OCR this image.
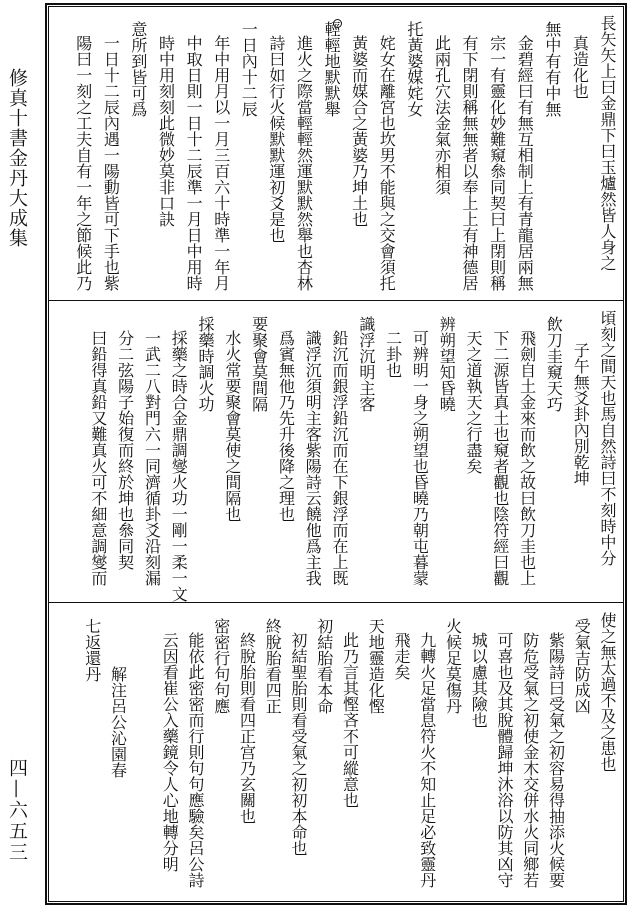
修真十書金丹大成集
四—六五三
長矢矢上曰金鼎下曰玉爐然皆人身之
真造化也
無中有有中無
金碧經曰有無互相制上有青龍居兩無
宗一有靈化妙難窺叅同契曰上閉則稱
有下閉則稱無無者以奉上上有神德居
此兩孔穴法金氣亦相須
托黃婆媒姹女
姹女在離宮也坎男不能與之交會須托
黃婆而媒合之黃婆乃坤土也
輕輕地默默舉
進火之際當輕輕然運默默然舉也杏林
詩曰如行火候默默運初爻是也
一日內十二辰
年中用月以一月三百六十時準一年月
中取日則一日十二辰準一月日中用時
時中用刻刻此微妙莫非口訣
意所到皆可爲
一日十二辰內遇一陽動皆可下手也紫
陽曰一刻之工夫自有一年之節候此乃
頃刻之間天也馬自然詩曰不刻時中分
子午無爻卦內別乾坤
飲刀圭窺天巧
飛劍自土金來而飲之故曰飲刀圭也上
下二源皆真土也窺者觀也陰符經曰觀
天之道執天之行盡矣
辨朔望知昏曉
可辨明一身之朔望也昏曉乃朝屯暮蒙
二卦也
識浮沉明主客
鉛沉而銀浮鉛沉而在下銀浮而在上既
識浮沉須明主客紫陽詩云饒他爲主我
爲賓無他乃先升後降之理也
要聚會莫間隔
水火常要聚會莫使之間隔也
採藥時調火功
採藥之時合金鼎調燮火功一剛一柔一文
一武二八對門六一同濟循卦爻沿刻漏
分二弦陽子始復而終於坤也叅同契
曰鉛得真鉛又難真火可不細意調燮而
使之無太過不及之患也
受氣吉防成凶
紫陽詩曰受氣之初容易得抽添火候要
防危受氣之初使金木交併水火同鄉若
可喜也及其脫體歸坤沐浴以防其凶守
城以慮其險也
火候足莫傷丹
九轉火足當息符火不知止足必致靈丹
飛走矣
天地靈造化慳
此乃言其慳吝不可縱意也
初結胎看本命
初結聖胎則看受氣之初初本命也
終脫胎看四正
終脫胎則看四正宫乃玄關也
密密行句句應
能依此密密而行則句句應驗矣呂公詩
云因看崔公入藥鏡令人心地轉分明
解注呂公沁園春
七返還丹
